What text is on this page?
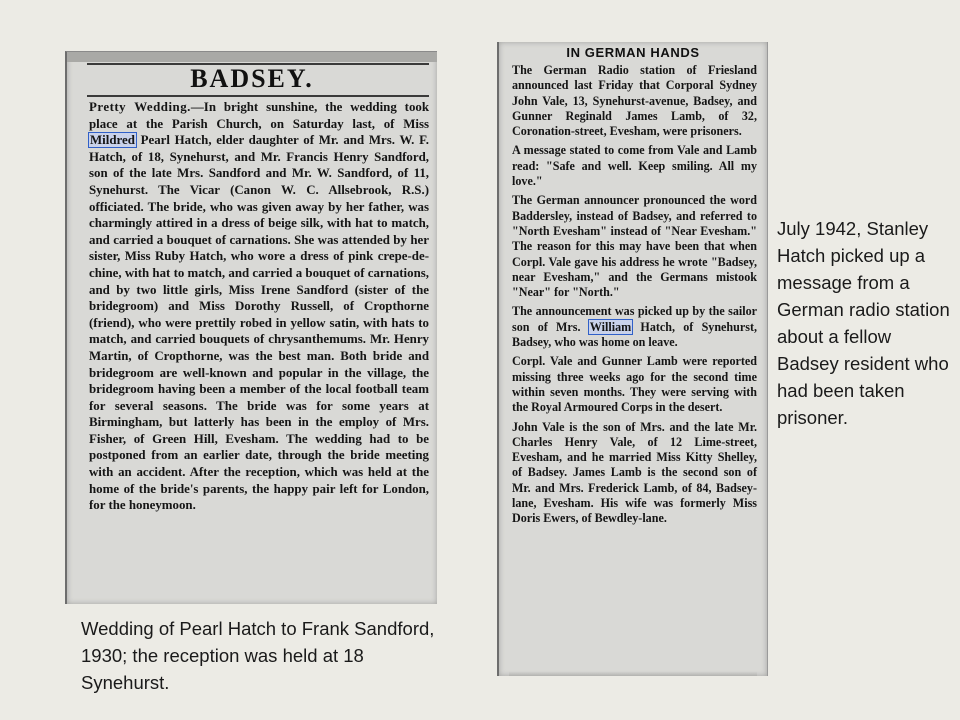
BADSEY.
Pretty Wedding.—In bright sunshine, the wedding took place at the Parish Church, on Saturday last, of Miss Mildred Pearl Hatch, elder daughter of Mr. and Mrs. W. F. Hatch, of 18, Synehurst, and Mr. Francis Henry Sandford, son of the late Mrs. Sandford and Mr. W. Sandford, of 11, Synehurst. The Vicar (Canon W. C. Allsebrook, R.S.) officiated. The bride, who was given away by her father, was charmingly attired in a dress of beige silk, with hat to match, and carried a bouquet of carnations. She was attended by her sister, Miss Ruby Hatch, who wore a dress of pink crepe-de-chine, with hat to match, and carried a bouquet of carnations, and by two little girls, Miss Irene Sandford (sister of the bridegroom) and Miss Dorothy Russell, of Cropthorne (friend), who were prettily robed in yellow satin, with hats to match, and carried bouquets of chrysanthemums. Mr. Henry Martin, of Cropthorne, was the best man. Both bride and bridegroom are well-known and popular in the village, the bridegroom having been a member of the local football team for several seasons. The bride was for some years at Birmingham, but latterly has been in the employ of Mrs. Fisher, of Green Hill, Evesham. The wedding had to be postponed from an earlier date, through the bride meeting with an accident. After the reception, which was held at the home of the bride's parents, the happy pair left for London, for the honeymoon.
IN GERMAN HANDS
The German Radio station of Friesland announced last Friday that Corporal Sydney John Vale, 13, Synehurst-avenue, Badsey, and Gunner Reginald James Lamb, of 32, Coronation-street, Evesham, were prisoners.
A message stated to come from Vale and Lamb read: "Safe and well. Keep smiling. All my love."
The German announcer pronounced the word Baddersley, instead of Badsey, and referred to "North Evesham" instead of "Near Evesham." The reason for this may have been that when Corpl. Vale gave his address he wrote "Badsey, near Evesham," and the Germans mistook "Near" for "North."
The announcement was picked up by the sailor son of Mrs. William Hatch, of Synehurst, Badsey, who was home on leave.
Corpl. Vale and Gunner Lamb were reported missing three weeks ago for the second time within seven months. They were serving with the Royal Armoured Corps in the desert.
John Vale is the son of Mrs. and the late Mr. Charles Henry Vale, of 12 Lime-street, Evesham, and he married Miss Kitty Shelley, of Badsey. James Lamb is the second son of Mr. and Mrs. Frederick Lamb, of 84, Badsey-lane, Evesham. His wife was formerly Miss Doris Ewers, of Bewdley-lane.
Wedding of Pearl Hatch to Frank Sandford, 1930; the reception was held at 18 Synehurst.
July 1942, Stanley Hatch picked up a message from a German radio station about a fellow Badsey resident who had been taken prisoner.
